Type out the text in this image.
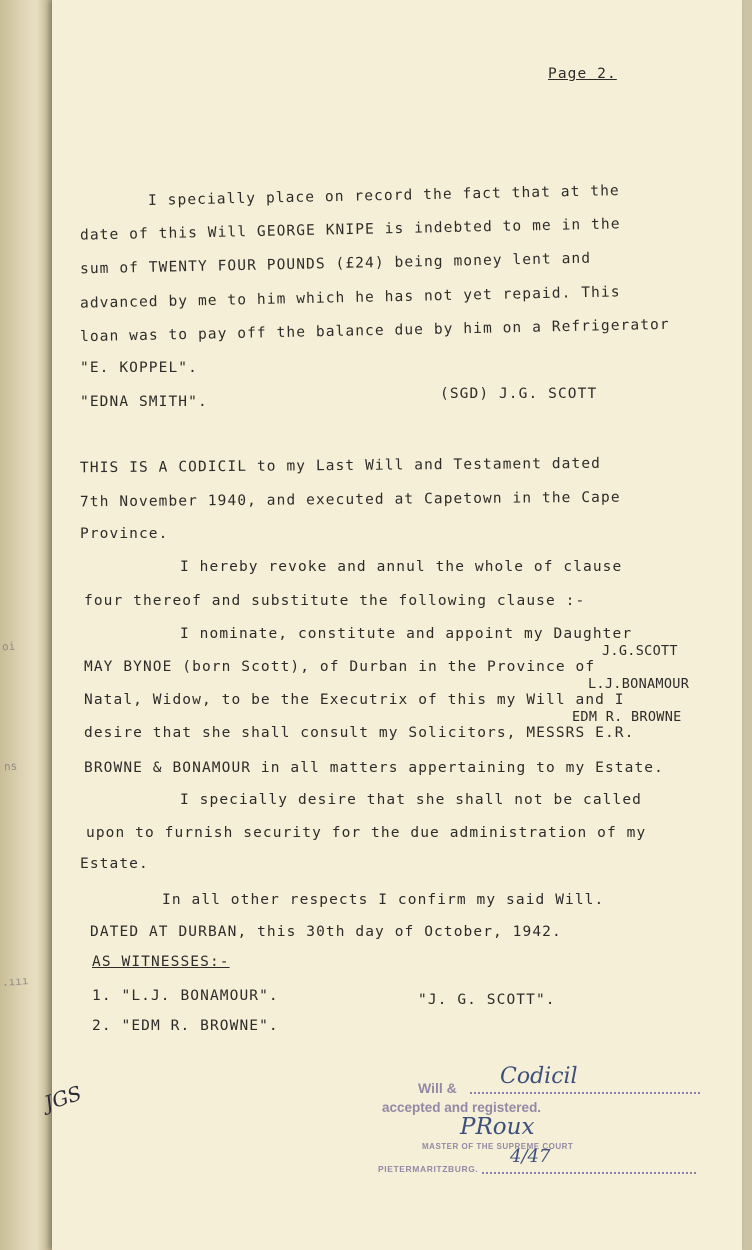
oi
ns
.ııı
Page 2.
I specially place on record the fact that at the
date of this Will GEORGE KNIPE is indebted to me in the
sum of TWENTY FOUR POUNDS (£24) being money lent and
advanced by me to him which he has not yet repaid. This
loan was to pay off the balance due by him on a Refrigerator
"E. KOPPEL".
"EDNA SMITH".	(SGD) J.G. SCOTT
THIS IS A CODICIL to my Last Will and Testament dated
7th November 1940, and executed at Capetown in the Cape
Province.
I hereby revoke and annul the whole of clause
four thereof and substitute the following clause :-
I nominate, constitute and appoint my Daughter
MAY BYNOE (born Scott), of Durban in the Province of
Natal, Widow, to be the Executrix of this my Will and I
desire that she shall consult my Solicitors, MESSRS E.R.
BROWNE & BONAMOUR in all matters appertaining to my Estate.
J.G.SCOTT
L.J.BONAMOUR
EDM R. BROWNE
I specially desire that she shall not be called
upon to furnish security for the due administration of my
Estate.
In all other respects I confirm my said Will.
DATED AT DURBAN, this 30th day of October, 1942.
AS WITNESSES:-
1. "L.J. BONAMOUR".
2. "EDM R. BROWNE".
"J. G. SCOTT".
Will & Codicil
accepted and registered.
PRoux
MASTER OF THE SUPREME COURT
4/47
PIETERMARITZBURG.
JGS
